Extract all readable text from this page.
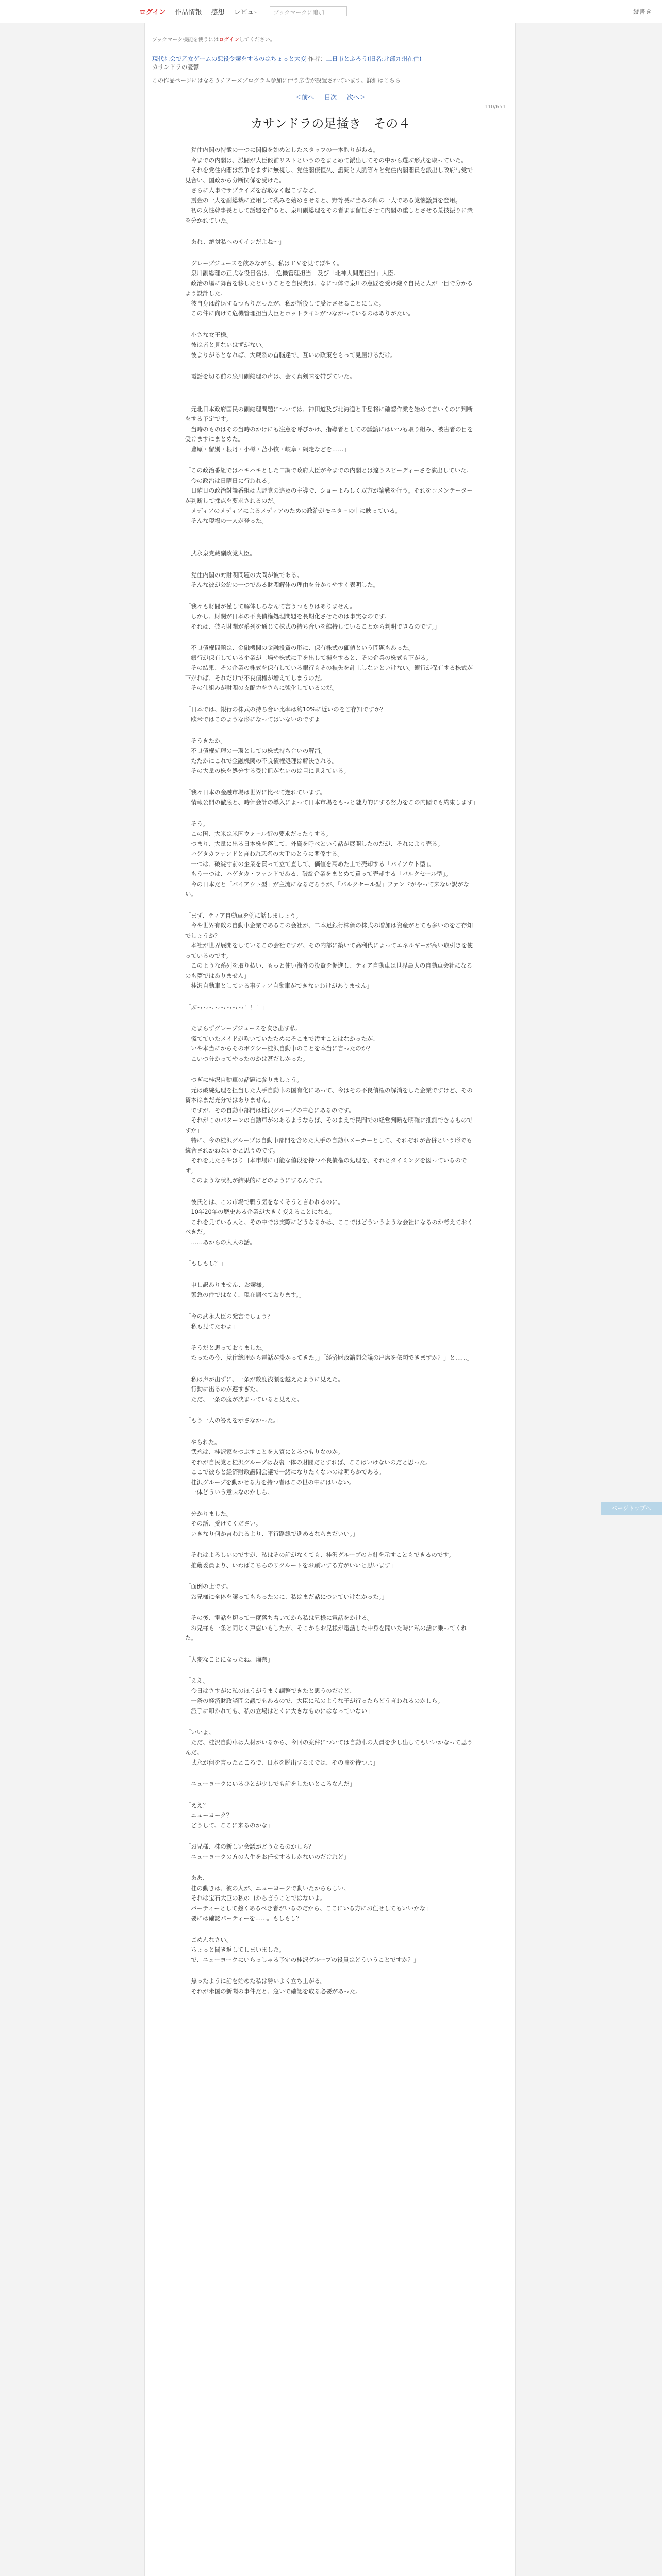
ログイン 作品情報 感想 レビュー	ブックマークに追加	縦書き
ブックマーク機能を使うにはログインしてください。
現代社会で乙女ゲームの悪役令嬢をするのはちょっと大変 作者：二日市とふろう(旧名:北部九州在住)
カサンドラの憂鬱
この作品ページにはなろうチアーズプログラム参加に伴う広告が設置されています。詳細はこちら
＜前へ 目次 次へ＞
110/651
カサンドラの足掻き　その４

　党住内閣の特徴の一つに閣僚を始めとしたスタッフの一本釣りがある。
　今までの内閣は、派閥が大臣候補リストというのをまとめて派出してその中から選ぶ形式を取っていた。
　それを党住内閣は派争をまずに無視し、党住閣僚恒久、諮問と人脈等々と党住内閣閣員を派出し政府与党で見合い、国政から分断関係を受けた。
　さらに人事でサプライズを容赦なく起こすなど、
　震金の一大を副総裁に登用して残みを始めさせると、野等長に当みの師の一大である党懐議員を登用。
　初の女性幹事長として話題を作ると、泉川副総理をその者まま留任させて内閣の重しとさせる荒技振りに衆を分かれていた。

「あれ、絶対私へのサインだよね～」

　グレープジュースを飲みながら、私はＴＶを見てぼやく。
　泉川副総理の正式な役目名は、「危機管理担当」及び「北神大問題担当」大臣。
　政治の場に舞台を移したということを自民党は、なにつ体で泉川の意匠を受け継ぐ自民と人が一目で分かるよう設計した。
　彼自身は辞退するつもりだったが、私が話役して受けさせることにした。
　この件に向けて危機管理担当大臣とホットラインがつながっているのはありがたい。

「小さな女王様。
　彼は皆と見ないはずがない。
　彼よりがるとなれば、大蔵系の首脳達で、互いの政策をもって見届けるだけ。」

　電話を切る前の泉川副総理の声は、会く真剣味を帯びていた。

「元北日本政府国民の副総理問題については、神田道及び北海道と千島将に確認作業を始めて言いくのに判断をする予定です。
　当時のものはその当時のかけにも注意を呼びかけ、指導者としての議論にはいつも取り組み、被害者の目を受けますにまとめた。
　豊原・留別・根丹・小樽・苫小牧・岐阜・網走などを……」

「この政治番組ではハキハキとした口調で政府大臣が今までの内閣とは違うスピーディーさを演出していた。
　今の政治は日曜日に行われる。
　日曜日の政治討論番組は大野党の追及の主導で、ショーよろしく双方が論戦を行う。それをコメンテーターが判断して採点を要求されるのだ。
　メディアのメディアによるメディアのための政治がモニターの中に映っている。
　そんな現場の一人が登った。

　武永泉党蔵副政党大臣。

　党住内閣の対財閥問題の大問が彼である。
　そんな彼が公約の一つである財閥解体の理由を分かりやすく表明した。

「我々も財閥が僅して解体しろなんて言うつもりはありません。
　しかし、財閥が日本の不良債権処理問題を長期化させたのは事実なのです。
　それは、彼ら財閥が系列を通じて株式の持ち合いを維持していることから判明できるのです。」

　不良債権問題は、金融機関の金融投資の形に、保有株式の価値という問題もあった。
　銀行が保有している企業が上場や株式に手を出して損をすると、その企業の株式も下がる。
　その結果、その企業の株式を保有している銀行もその損失を計上しないといけない。銀行が保有する株式が下がれば、それだけで不良債権が増えてしまうのだ。
　その仕組みが財閥の支配力をさらに強化しているのだ。

「日本では、銀行の株式の持ち合い比率は約10%に近いのをご存知ですか？
　欧米ではこのような形になってはいないのですよ」

　そうきたか。
　不良債権処理の一環としての株式持ち合いの解消。
　たたかにこれで金融機関の不良債権処理は解決される。
　その大量の株を処分する受け皿がないのは目に見えている。

「我々日本の金融市場は世界に比べて遅れています。
　情報公開の徹底と、時価会計の導入によって日本市場をもっと魅力的にする努力をこの内閣でも約束します」

　そう。
　この国、大米は米国ウォール街の要求だったりする。
　つまり、大量に出る日本株を落して、外資を呼べという話が展開したのだが、それにより売る。
　ハゲタカファンドと言われ悪名の大手のとうに関係する。
　一つは、破綻寸前の企業を買って立て直して、価値を高めた上で売却する「バイアウト型」。
　もう一つは、ハゲタカ・ファンドである、破綻企業をまとめて買って売却する「バルクセール型」。
　今の日本だと「バイアウト型」が主流になるだろうが、「バルクセール型」ファンドがやって来ない訳がない。

「まず、ティア自動車を例に話しましょう。
　今や世界有数の自動車企業であるこの会社が、二本足銀行株価の株式の増加は資産がとても多いのをご存知でしょうか？
　本社が世界展開をしているこの会社ですが、その内部に築いて高利代によってエネルギーが高い取引きを使っているのです。
　このような系列を取り払い、もっと使い海外の投資を促進し、ティア自動車は世界最大の自動車会社になるのも夢ではありません」
　桂沢自動車としている事ティア自動車ができないわけがありません」

「ぶっっっっっっっっ！！！」

　たまらずグレープジュースを吹き出す私。
　慌てていたメイドが吹いていたためにそこまで汚すことはなかったが、
　いや本当にからそのボクシー桂沢自動車のことを本当に言ったのか？
　こいつ分かってやったのかは甚だしかった。

「つぎに桂沢自動車の話題に参りましょう。
　元は破綻処理を担当した大手自動車の国有化にあって、今はその不良債権の解消をした企業ですけど、その資本はまだ充分ではありません。
　ですが、その自動車部門は桂沢グループの中心にあるのです。
　それがこのパターンの自動車がのあるようならば、そのまえで民間での経営判断を明確に推測できるものですか」
　特に、今の桂沢グループは自動車部門を含めた大手の自動車メーカーとして、それぞれが合併という形でも統合されかねないかと思うのです。
　それを見たらやはり日本市場に可能な値段を持つ不良債権の処理を、それとタイミングを図っているのです。
　このような状況が結果的にどのようにするんです。

　彼氏とは、この市場で戦う気をなくそうと言われるのに。
　10年20年の歴史ある企業が大きく変えることになる。
　これを見ている人と、その中では実際にどうなるかは、ここではどういうような会社になるのか考えておくべきだ。
　……あからの大人の話。

「もしもし？」

「申し訳ありません、お嬢様。
　緊急の件ではなく、現在調べております。」

「今の武永大臣の発言でしょう？
　私も見てたわよ」

「そうだと思っておりました。
　たったの今、党住総理から電話が掛かってきた。」「経済財政諮問会議の出席を依頼できますか？」と……」

　私は声が出ずに、一条が数度浅瀬を越えたように見えた。
　行動に出るのが遅すぎた。
　ただ、一条の腹が決まっていると見えた。

「もう一人の答えを示さなかった。」

　やられた。
　武永は、桂沢家をつぶすことを人質にとるつもりなのか。
　それが自民党と桂沢グループは表裏一体の財閥だとすれば、ここはいけないのだと思った。
　ここで彼らと経済財政諮問会議で一緒になりたくないのは明らかである。
　桂沢グループを動かせる力を持つ者はこの世の中にはいない。
　一体どういう意味なのかしら。

「分かりました。
　その話、受けてください。
　いきなり何か言われるより、平行路線で進めるならまだいい。」

「それはよろしいのですが、私はその話がなくても、桂沢グループの方針を示すこともできるのです。
　推薦委員より、いわばこちらのリクルートをお願いする方がいいと思います」

「面倒の上です。
　お兄様に全体を譲ってもらったのに、私はまだ話についていけなかった。」

　その後、電話を切って一度落ち着いてから私は兄様に電話をかける。
　お兄様も一条と同じく戸惑いもしたが、そこからお兄様が電話した中身を聞いた時に私の話に乗ってくれた。

「大変なことになったね、瑠奈」

「ええ。
　今日はさすがに私のほうがうまく調整できたと思うのだけど、
　一条の経済財政諮問会議でもあるので、大臣に私のような子が行ったらどう言われるのかしら。
　派手に叩かれても、私の立場はとくに大きなものにはなっていない」

「いいよ。
　ただ、桂沢自動車は人材がいるから、今回の案件については自動車の人員を少し出してもいいかなって思うんだ。
　武永が何を言ったところで、日本を脱出するまでは、その時を待つよ」

「ニューヨークにいるひとが少しでも話をしたいところなんだ」

「ええ？
　ニューヨーク？
　どうして、ここに来るのかな」

「お兄様、株の新しい会議がどうなるのかしら？
　ニューヨークの方の人生をお任せするしかないのだけれど」

「ああ、
　桂の動きは、彼の人が、ニューヨークで動いたかららしい。
　それは宝石大臣の私の口から言うことではないよ。
　バーティーとして強くあるべき者がいるのだから、ここにいる方にお任せしてもいいかな」
　要には確認パーティーを……。もしもし？」

「ごめんなさい。
　ちょっと聞き返してしまいました。
　で、ニューヨークにいらっしゃる予定の桂沢グループの役員はどういうことですか？」

　焦ったように話を始めた私は勢いよく立ち上がる。
　それが米国の新聞の事件だと、急いで確認を取る必要があった。

ページトップへ
